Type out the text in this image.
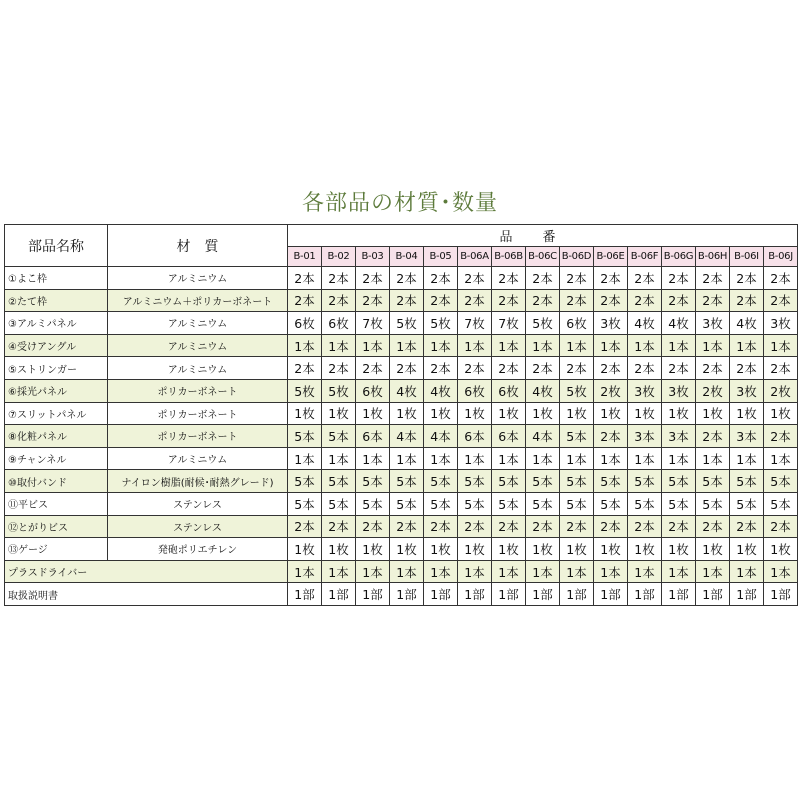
各部品の材質･数量
部品名称	材　質	品番														
		B-01	B-02	B-03	B-04	B-05	B-06A	B-06B	B-06C	B-06D	B-06E	B-06F	B-06G	B-06H	B-06I	B-06J
①よこ枠	アルミニウム	2本	2本	2本	2本	2本	2本	2本	2本	2本	2本	2本	2本	2本	2本	2本
②たて枠	アルミニウム＋ポリカーボネート	2本	2本	2本	2本	2本	2本	2本	2本	2本	2本	2本	2本	2本	2本	2本
③アルミパネル	アルミニウム	6枚	6枚	7枚	5枚	5枚	7枚	7枚	5枚	6枚	3枚	4枚	4枚	3枚	4枚	3枚
④受けアングル	アルミニウム	1本	1本	1本	1本	1本	1本	1本	1本	1本	1本	1本	1本	1本	1本	1本
⑤ストリンガー	アルミニウム	2本	2本	2本	2本	2本	2本	2本	2本	2本	2本	2本	2本	2本	2本	2本
⑥採光パネル	ポリカーボネート	5枚	5枚	6枚	4枚	4枚	6枚	6枚	4枚	5枚	2枚	3枚	3枚	2枚	3枚	2枚
⑦スリットパネル	ポリカーボネート	1枚	1枚	1枚	1枚	1枚	1枚	1枚	1枚	1枚	1枚	1枚	1枚	1枚	1枚	1枚
⑧化粧パネル	ポリカーボネート	5本	5本	6本	4本	4本	6本	6本	4本	5本	2本	3本	3本	2本	3本	2本
⑨チャンネル	アルミニウム	1本	1本	1本	1本	1本	1本	1本	1本	1本	1本	1本	1本	1本	1本	1本
⑩取付バンド	ナイロン樹脂(耐候･耐熱グレード)	5本	5本	5本	5本	5本	5本	5本	5本	5本	5本	5本	5本	5本	5本	5本
⑪平ビス	ステンレス	5本	5本	5本	5本	5本	5本	5本	5本	5本	5本	5本	5本	5本	5本	5本
⑫とがりビス	ステンレス	2本	2本	2本	2本	2本	2本	2本	2本	2本	2本	2本	2本	2本	2本	2本
⑬ゲージ	発砲ポリエチレン	1枚	1枚	1枚	1枚	1枚	1枚	1枚	1枚	1枚	1枚	1枚	1枚	1枚	1枚	1枚
プラスドライバー		1本	1本	1本	1本	1本	1本	1本	1本	1本	1本	1本	1本	1本	1本	1本
取扱説明書		1部	1部	1部	1部	1部	1部	1部	1部	1部	1部	1部	1部	1部	1部	1部
